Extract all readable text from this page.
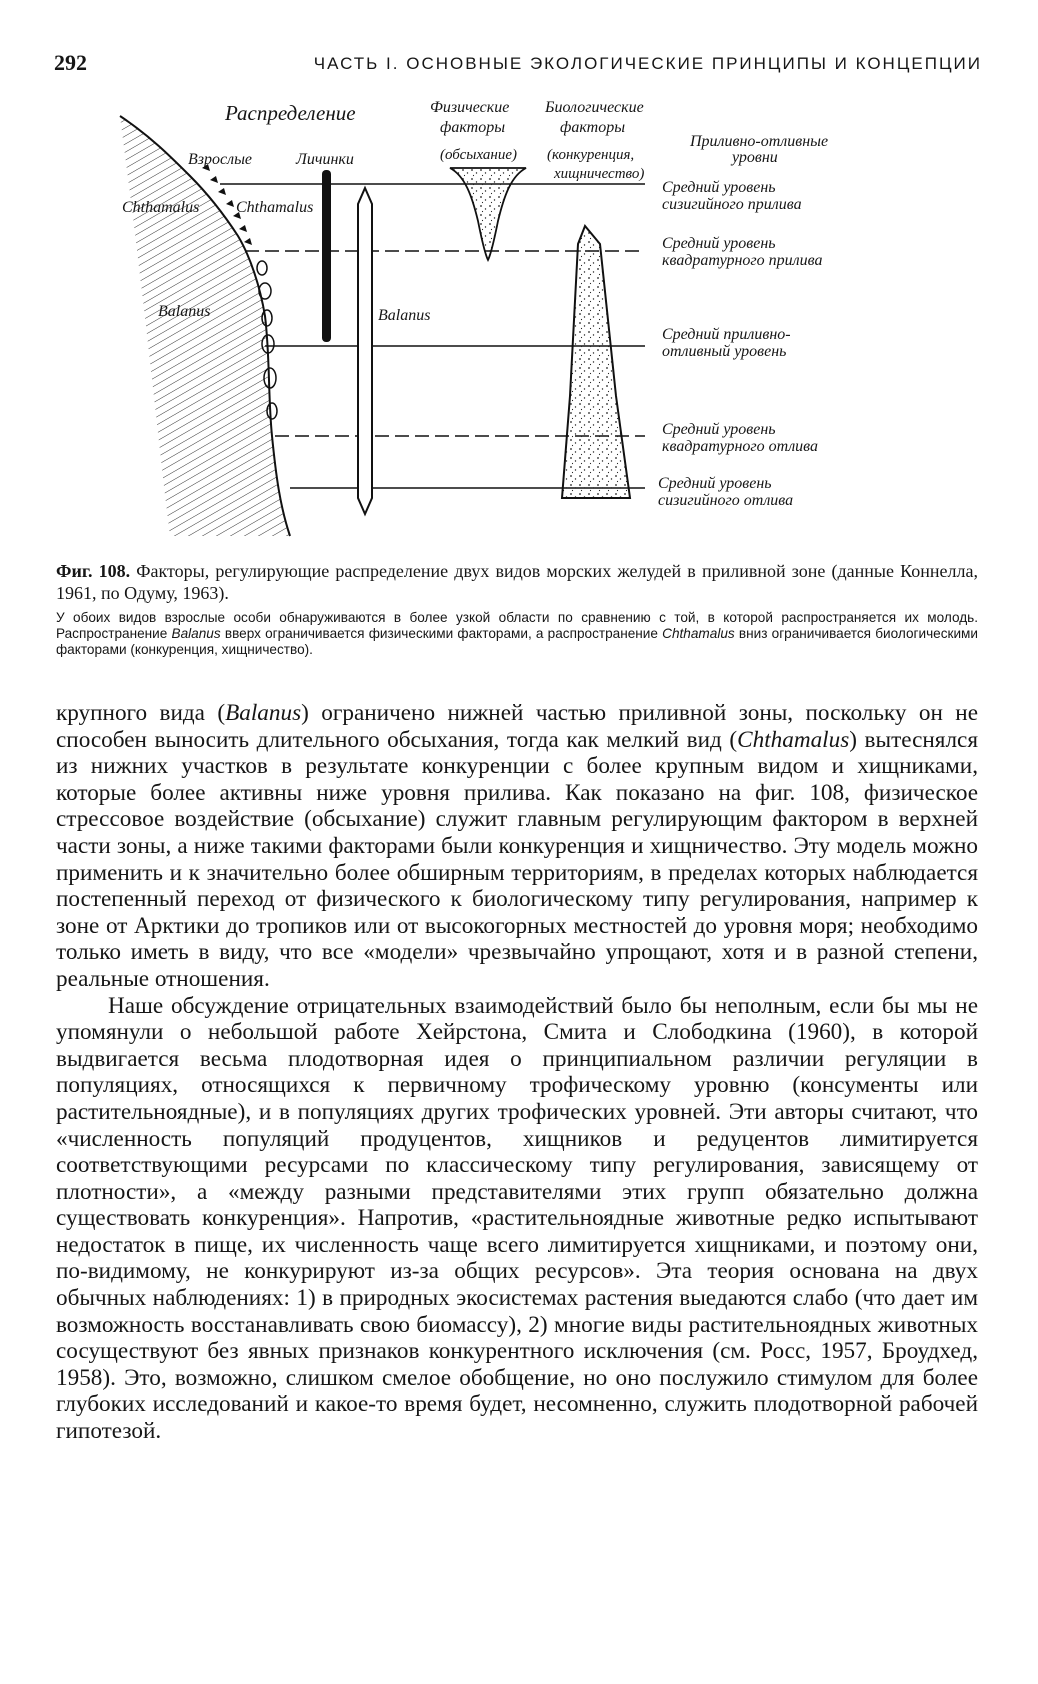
292	ЧАСТЬ I. ОСНОВНЫЕ ЭКОЛОГИЧЕСКИЕ ПРИНЦИПЫ И КОНЦЕПЦИИ
Распределение
Взрослые	Личинки
Chthamalus Chthamalus
Balanus	Balanus
Физические
факторы
(обсыхание)
Биологические
факторы
(конкуренция,
хищничество)
Приливно-отливные
уровни
Средний уровень
сизигийного прилива
Средний уровень
квадратурного прилива
Средний приливно-
отливный уровень
Средний уровень
квадратурного отлива
Средний уровень
сизигийного отлива
Фиг. 108. Факторы, регулирующие распределение двух видов морских желудей в приливной зоне (данные Коннелла, 1961, по Одуму, 1963).
У обоих видов взрослые особи обнаруживаются в более узкой области по сравнению с той, в которой распространяется их молодь. Распространение Balanus вверх ограничивается физическими факторами, а распространение Chthamalus вниз ограничивается биологическими факторами (конкуренция, хищничество).

крупного вида (Balanus) ограничено нижней частью приливной зоны, поскольку он не способен выносить длительного обсыхания, тогда как мелкий вид (Chthamalus) вытеснялся из нижних участков в результате конкуренции с более крупным видом и хищниками, которые более активны ниже уровня прилива. Как показано на фиг. 108, физическое стрессовое воздействие (обсыхание) служит главным регулирующим фактором в верхней части зоны, а ниже такими факторами были конкуренция и хищничество. Эту модель можно применить и к значительно более обширным территориям, в пределах которых наблюдается постепенный переход от физического к биологическому типу регулирования, например к зоне от Арктики до тропиков или от высокогорных местностей до уровня моря; необходимо только иметь в виду, что все «модели» чрезвычайно упрощают, хотя и в разной степени, реальные отношения.

Наше обсуждение отрицательных взаимодействий было бы неполным, если бы мы не упомянули о небольшой работе Хейрстона, Смита и Слободкина (1960), в которой выдвигается весьма плодотворная идея о принципиальном различии регуляции в популяциях, относящихся к первичному трофическому уровню (консументы или растительноядные), и в популяциях других трофических уровней. Эти авторы считают, что «численность популяций продуцентов, хищников и редуцентов лимитируется соответствующими ресурсами по классическому типу регулирования, зависящему от плотности», а «между разными представителями этих групп обязательно должна существовать конкуренция». Напротив, «растительноядные животные редко испытывают недостаток в пище, их численность чаще всего лимитируется хищниками, и поэтому они, по-видимому, не конкурируют из-за общих ресурсов». Эта теория основана на двух обычных наблюдениях: 1) в природных экосистемах растения выедаются слабо (что дает им возможность восстанавливать свою биомассу), 2) многие виды растительноядных животных сосуществуют без явных признаков конкурентного исключения (см. Росс, 1957, Броудхед, 1958). Это, возможно, слишком смелое обобщение, но оно послужило стимулом для более глубоких исследований и какое-то время будет, несомненно, служить плодотворной рабочей гипотезой.
